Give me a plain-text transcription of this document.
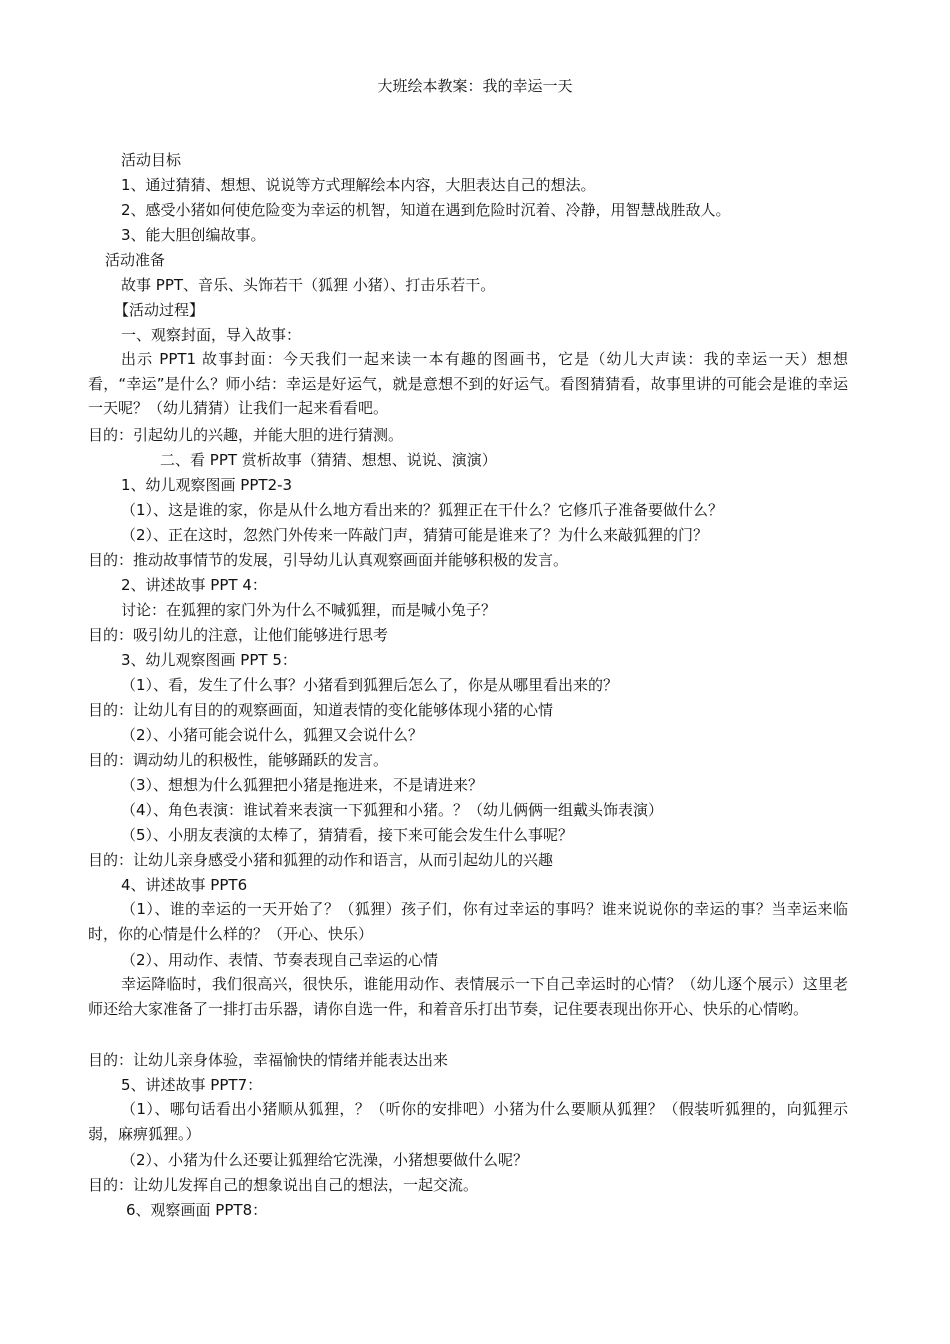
大班绘本教案：我的幸运一天
活动目标
1、通过猜猜、想想、说说等方式理解绘本内容，大胆表达自己的想法。
2、感受小猪如何使危险变为幸运的机智，知道在遇到危险时沉着、冷静，用智慧战胜敌人。
3、能大胆创编故事。
活动准备
故事 PPT、音乐、头饰若干（狐狸 小猪）、打击乐若干。
【活动过程】
一、观察封面，导入故事：
出示 PPT1 故事封面：今天我们一起来读一本有趣的图画书，它是（幼儿大声读：我的幸运一天）想想看，“幸运”是什么？师小结：幸运是好运气，就是意想不到的好运气。看图猜猜看，故事里讲的可能会是谁的幸运一天呢？（幼儿猜猜）让我们一起来看看吧。
目的：引起幼儿的兴趣，并能大胆的进行猜测。
二、看 PPT 赏析故事（猜猜、想想、说说、演演）
1、幼儿观察图画 PPT2-3
（1）、这是谁的家，你是从什么地方看出来的？狐狸正在干什么？它修爪子准备要做什么？
（2）、正在这时，忽然门外传来一阵敲门声，猜猜可能是谁来了？为什么来敲狐狸的门？
目的：推动故事情节的发展，引导幼儿认真观察画面并能够积极的发言。
2、讲述故事 PPT 4：
讨论：在狐狸的家门外为什么不喊狐狸，而是喊小兔子？
目的：吸引幼儿的注意，让他们能够进行思考
3、幼儿观察图画 PPT 5：
（1）、看，发生了什么事？小猪看到狐狸后怎么了，你是从哪里看出来的？
目的：让幼儿有目的的观察画面，知道表情的变化能够体现小猪的心情
（2）、小猪可能会说什么，狐狸又会说什么？
目的：调动幼儿的积极性，能够踊跃的发言。
（3）、想想为什么狐狸把小猪是拖进来，不是请进来？
（4）、角色表演：谁试着来表演一下狐狸和小猪。？（幼儿俩俩一组戴头饰表演）
（5）、小朋友表演的太棒了，猜猜看，接下来可能会发生什么事呢？
目的：让幼儿亲身感受小猪和狐狸的动作和语言，从而引起幼儿的兴趣
4、讲述故事 PPT6
（1）、谁的幸运的一天开始了？（狐狸）孩子们，你有过幸运的事吗？谁来说说你的幸运的事？当幸运来临时，你的心情是什么样的？（开心、快乐）
（2）、用动作、表情、节奏表现自己幸运的心情
幸运降临时，我们很高兴，很快乐，谁能用动作、表情展示一下自己幸运时的心情？（幼儿逐个展示）这里老师还给大家准备了一排打击乐器，请你自选一件，和着音乐打出节奏，记住要表现出你开心、快乐的心情哟。
目的：让幼儿亲身体验，幸福愉快的情绪并能表达出来
5、讲述故事 PPT7：
（1）、哪句话看出小猪顺从狐狸，？（听你的安排吧）小猪为什么要顺从狐狸？（假装听狐狸的，向狐狸示弱，麻痹狐狸。）
（2）、小猪为什么还要让狐狸给它洗澡，小猪想要做什么呢？
目的：让幼儿发挥自己的想象说出自己的想法，一起交流。
6、观察画面 PPT8：
